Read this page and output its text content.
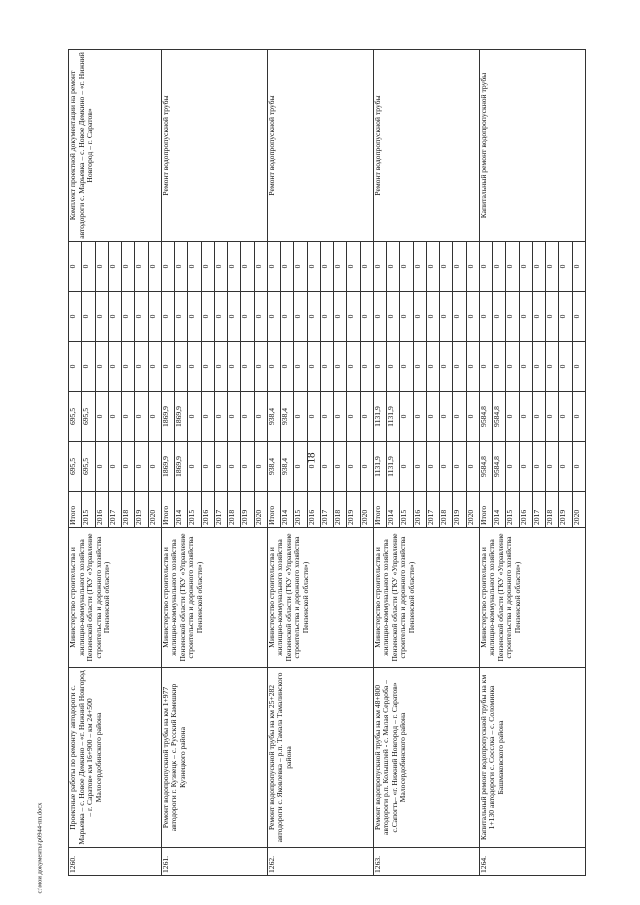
18
c:\мои документы\р0944-пп.docx	1260.	Проектные работы по ремонту автодороги с. Марьевка – с. Новое Демкино – «г. Нижний Новгород – г. Саратов» км 16+900 – км 24+500 Малосердобинского района	Министерство строительства и жилищно-коммунального хозяйства Пензенской области (ГКУ «Управление строительства и дорожного хозяйства Пензенской области»)	Итого	695,5	695,5	0	0	0	Комплект проектной документации на ремонт автодороги с. Марьевка – с. Новое Демкино – «г. Нижний Новгород – г. Саратов»
			2015	695,5	695,5	0	0	0	
			2016	0	0	0	0	0	
			2017	0	0	0	0	0	
			2018	0	0	0	0	0	
			2019	0	0	0	0	0	
			2020	0	0	0	0	0	
1261.	Ремонт водопропускной трубы на км 1+977 автодороги г. Кузнецк – с. Русский Камешкир Кузнецкого района	Министерство строительства и жилищно-коммунального хозяйства Пензенской области (ГКУ «Управление строительства и дорожного хозяйства Пензенской области»)	Итого	1869,9	1869,9	0	0	0	Ремонт водопропускной трубы
			2014	1869,9	1869,9	0	0	0	
			2015	0	0	0	0	0	
			2016	0	0	0	0	0	
			2017	0	0	0	0	0	
			2018	0	0	0	0	0	
			2019	0	0	0	0	0	
			2020	0	0	0	0	0	
1262.	Ремонт водопропускной трубы на км 25+282 автодороги с. Яковлевка – р.п. Тамала Тамалинского района	Министерство строительства и жилищно-коммунального хозяйства Пензенской области (ГКУ «Управление строительства и дорожного хозяйства Пензенской области»)	Итого	938,4	938,4	0	0	0	Ремонт водопропускной трубы
			2014	938,4	938,4	0	0	0	
			2015	0	0	0	0	0	
			2016	0	0	0	0	0	
			2017	0	0	0	0	0	
			2018	0	0	0	0	0	
			2019	0	0	0	0	0	
			2020	0	0	0	0	0	
1263.	Ремонт водопропускной трубы на км 48+800 автодороги р.п. Колышлей - с. Малая Сердоба – с.Сапогть– «г. Нижний Новгород – г. Саратов» Малосердобинского района	Министерство строительства и жилищно-коммунального хозяйства Пензенской области (ГКУ «Управление строительства и дорожного хозяйства Пензенской области»)	Итого	1131,9	1131,9	0	0	0	Ремонт водопропускной трубы
			2014	1131,9	1131,9	0	0	0	
			2015	0	0	0	0	0	
			2016	0	0	0	0	0	
			2017	0	0	0	0	0	
			2018	0	0	0	0	0	
			2019	0	0	0	0	0	
			2020	0	0	0	0	0	
1264.	Капитальный ремонт водопропускной трубы на км 1+130 автодороги с. Сосслка – с. Соломинка Башмаковского района	Министерство строительства и жилищно-коммунального хозяйства Пензенской области (ГКУ «Управление строительства и дорожного хозяйства Пензенской области»)	Итого	9584,8	9584,8	0	0	0	Капитальный ремонт водопропускной трубы
			2014	9584,8	9584,8	0	0	0	
			2015	0	0	0	0	0	
			2016	0	0	0	0	0	
			2017	0	0	0	0	0	
			2018	0	0	0	0	0	
			2019	0	0	0	0	0	
			2020	0	0	0	0	0	
